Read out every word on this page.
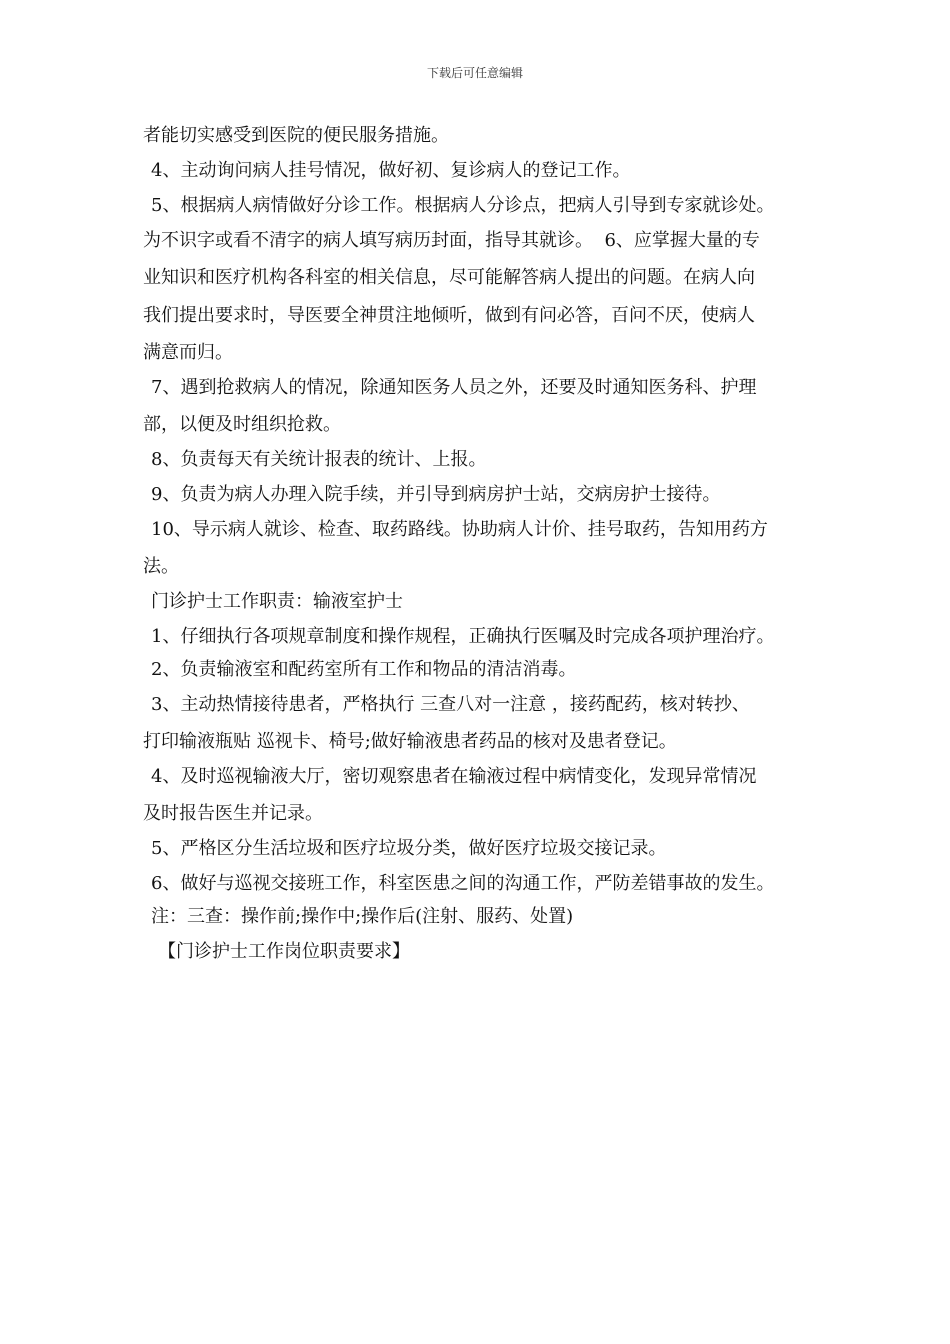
下载后可任意编辑
者能切实感受到医院的便民服务措施。
4、主动询问病人挂号情况，做好初、复诊病人的登记工作。
5、根据病人病情做好分诊工作。根据病人分诊点，把病人引导到专家就诊处。
为不识字或看不清字的病人填写病历封面，指导其就诊。  6、应掌握大量的专
业知识和医疗机构各科室的相关信息，尽可能解答病人提出的问题。在病人向
我们提出要求时，导医要全神贯注地倾听，做到有问必答，百问不厌，使病人
满意而归。
7、遇到抢救病人的情况，除通知医务人员之外，还要及时通知医务科、护理
部，以便及时组织抢救。
8、负责每天有关统计报表的统计、上报。
9、负责为病人办理入院手续，并引导到病房护士站，交病房护士接待。
10、导示病人就诊、检查、取药路线。协助病人计价、挂号取药，告知用药方
法。
门诊护士工作职责：输液室护士
1、仔细执行各项规章制度和操作规程，正确执行医嘱及时完成各项护理治疗。
2、负责输液室和配药室所有工作和物品的清洁消毒。
3、主动热情接待患者，严格执行 三查八对一注意 ，接药配药，核对转抄、
打印输液瓶贴 巡视卡、椅号;做好输液患者药品的核对及患者登记。
4、及时巡视输液大厅，密切观察患者在输液过程中病情变化，发现异常情况
及时报告医生并记录。
5、严格区分生活垃圾和医疗垃圾分类，做好医疗垃圾交接记录。
6、做好与巡视交接班工作，科室医患之间的沟通工作，严防差错事故的发生。
注：三查：操作前;操作中;操作后(注射、服药、处置)
【门诊护士工作岗位职责要求】
